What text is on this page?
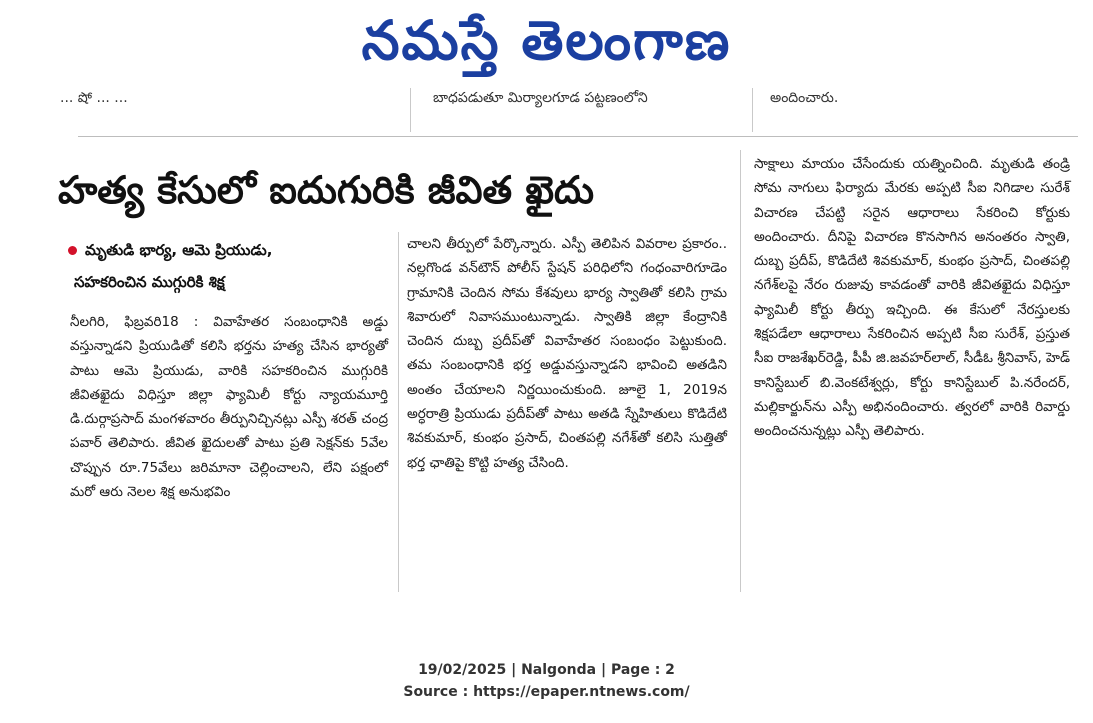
నమస్తే తెలంగాణ
... షో ... ...	బాధపడుతూ మిర్యాలగూడ పట్టణంలోని	అందించారు.
హత్య కేసులో ఐదుగురికి జీవిత ఖైదు
మృతుడి భార్య, ఆమె ప్రియుడు,
సహకరించిన ముగ్గురికి శిక్ష

నీలగిరి, ఫిబ్రవరి18 : వివాహేతర సంబంధానికి అడ్డు వస్తున్నాడని ప్రియుడితో కలిసి భర్తను హత్య చేసిన భార్యతో పాటు ఆమె ప్రియుడు, వారికి సహకరించిన ముగ్గురికి జీవితఖైదు విధిస్తూ జిల్లా ఫ్యామిలీ కోర్టు న్యాయమూర్తి డి.దుర్గాప్రసాద్ మంగళవారం తీర్పునిచ్చినట్లు ఎస్పీ శరత్ చంద్ర పవార్ తెలిపారు. జీవిత ఖైదులతో పాటు ప్రతి సెక్షన్‌కు 5వేల చొప్పున రూ.75వేలు జరిమానా చెల్లించాలని, లేని పక్షంలో మరో ఆరు నెలల శిక్ష అనుభవిం

చాలని తీర్పులో పేర్కొన్నారు. ఎస్పీ తెలిపిన వివరాల ప్రకారం.. నల్లగొండ వన్‌టౌన్ పోలీస్ స్టేషన్ పరిధిలోని గంధంవారిగూడెం గ్రామానికి చెందిన సోమ కేశవులు భార్య స్వాతితో కలిసి గ్రామ శివారులో నివాసముంటున్నాడు. స్వాతికి జిల్లా కేంద్రానికి చెందిన దుబ్బ ప్రదీప్‌తో వివాహేతర సంబంధం పెట్టుకుంది. తమ సంబంధానికి భర్త అడ్డువస్తున్నాడని భావించి అతడిని అంతం చేయాలని నిర్ణయించుకుంది. జూలై 1, 2019న అర్ధరాత్రి ప్రియుడు ప్రదీప్‌తో పాటు అతడి స్నేహితులు కొడిదేటి శివకుమార్, కుంభం ప్రసాద్, చింతపల్లి నగేశ్‌తో కలిసి సుత్తితో భర్త ఛాతిపై కొట్టి హత్య చేసింది.

సాక్షాలు మాయం చేసేందుకు యత్నించింది. మృతుడి తండ్రి సోమ నాగులు ఫిర్యాదు మేరకు అప్పటి సీఐ నిగిడాల సురేశ్ విచారణ చేపట్టి సరైన ఆధారాలు సేకరించి కోర్టుకు అందించారు. దీనిపై విచారణ కొనసాగిన అనంతరం స్వాతి, దుబ్బ ప్రదీప్, కొడిదేటి శివకుమార్, కుంభం ప్రసాద్, చింతపల్లి నగేశ్‌లపై నేరం రుజువు కావడంతో వారికి జీవితఖైదు విధిస్తూ ఫ్యామిలీ కోర్టు తీర్పు ఇచ్చింది. ఈ కేసులో నేరస్తులకు శిక్షపడేలా ఆధారాలు సేకరించిన అప్పటి సీఐ సురేశ్, ప్రస్తుత సీఐ రాజశేఖర్‌రెడ్డి, పీపీ జి.జవహర్‌లాల్, సీడీఓ శ్రీనివాస్, హెడ్ కానిస్టేబుల్ బి.వెంకటేశ్వర్లు, కోర్టు కానిస్టేబుల్ పి.నరేందర్, మల్లికార్జున్‌ను ఎస్పీ అభినందించారు. త్వరలో వారికి రివార్డు అందించనున్నట్లు ఎస్పీ తెలిపారు.

19/02/2025 | Nalgonda | Page : 2
Source : https://epaper.ntnews.com/
